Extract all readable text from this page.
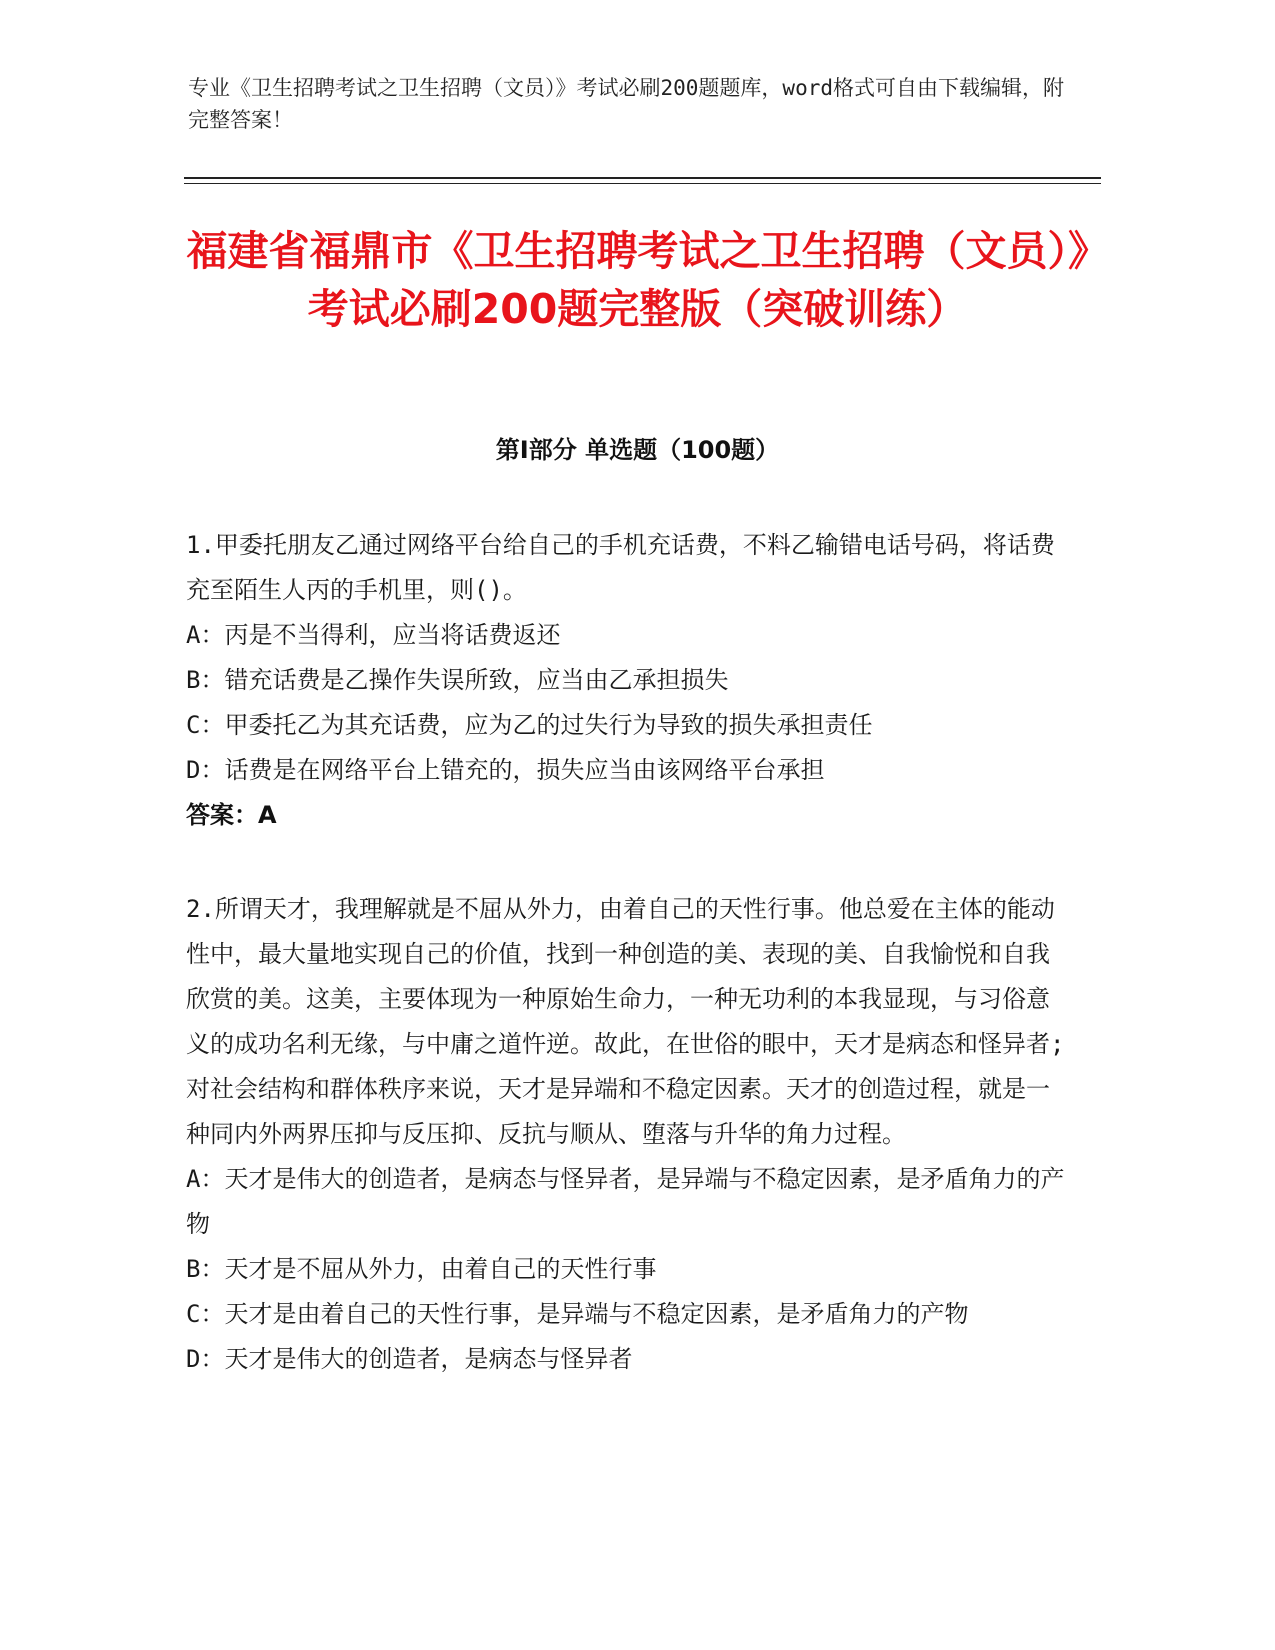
专业《卫生招聘考试之卫生招聘（文员）》考试必刷200题题库，word格式可自由下载编辑，附完整答案！
福建省福鼎市《卫生招聘考试之卫生招聘（文员）》考试必刷200题完整版（突破训练）
第I部分 单选题（100题）

1.甲委托朋友乙通过网络平台给自己的手机充话费，不料乙输错电话号码，将话费充至陌生人丙的手机里，则()。

A：丙是不当得利，应当将话费返还

B：错充话费是乙操作失误所致，应当由乙承担损失

C：甲委托乙为其充话费，应为乙的过失行为导致的损失承担责任

D：话费是在网络平台上错充的，损失应当由该网络平台承担

答案：A

2.所谓天才，我理解就是不屈从外力，由着自己的天性行事。他总爱在主体的能动性中，最大量地实现自己的价值，找到一种创造的美、表现的美、自我愉悦和自我欣赏的美。这美，主要体现为一种原始生命力，一种无功利的本我显现，与习俗意义的成功名利无缘，与中庸之道忤逆。故此，在世俗的眼中，天才是病态和怪异者;对社会结构和群体秩序来说，天才是异端和不稳定因素。天才的创造过程，就是一种同内外两界压抑与反压抑、反抗与顺从、堕落与升华的角力过程。

A：天才是伟大的创造者，是病态与怪异者，是异端与不稳定因素，是矛盾角力的产物

B：天才是不屈从外力，由着自己的天性行事

C：天才是由着自己的天性行事，是异端与不稳定因素，是矛盾角力的产物

D：天才是伟大的创造者，是病态与怪异者
